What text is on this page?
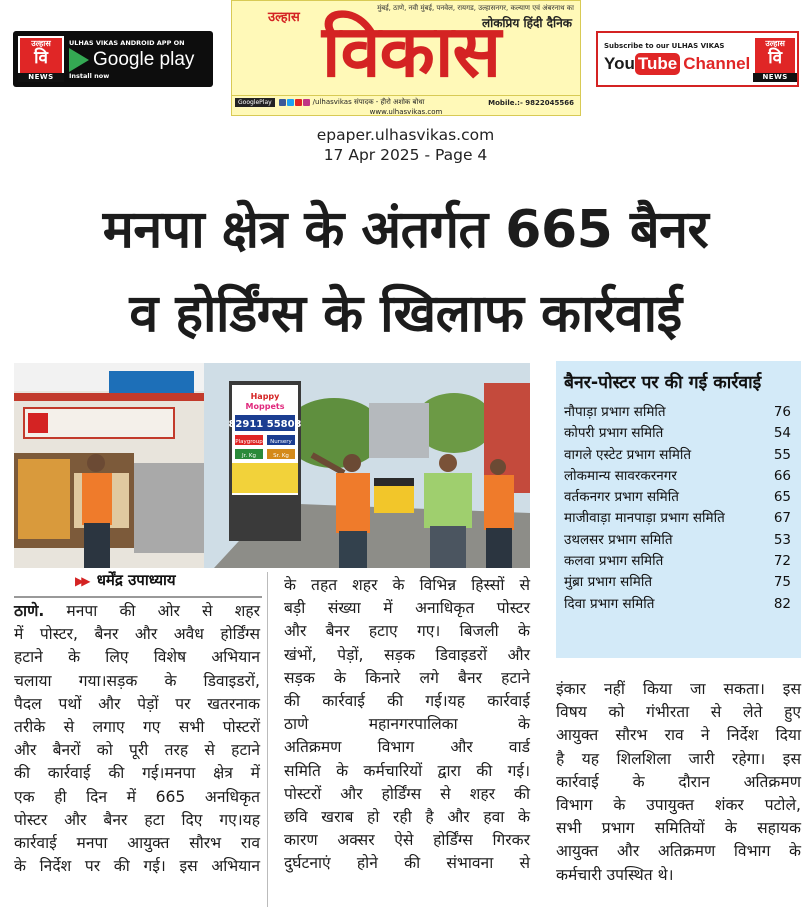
उल्हास
वि
NEWS
ULHAS VIKAS ANDROID APP ON
Google play
Install now
मुंबई, ठाणे, नवी मुंबई, पनवेल, रायगड, उल्हासनगर, कल्याण एवं अंबरनाथ का
लोकप्रिय हिंदी दैनिक
विकास
उल्हास
GooglePlay	/ulhasvikas संपादक - हीरो अशोक बोधा	Mobile.:- 9822045566
www.ulhasvikas.com
Subscribe to our ULHAS VIKAS
You Tube Channel
उल्हास
वि
NEWS
epaper.ulhasvikas.com
17 Apr 2025 - Page 4
मनपा क्षेत्र के अंतर्गत 665 बैनर
व होर्डिंग्स के खिलाफ कार्रवाई
Happy
Moppets
82911 55803
Playgroup Nursery
Jr. Kg	Sr. Kg
बैनर-पोस्टर पर की गई कार्रवाई
नौपाड़ा प्रभाग समिति	76
कोपरी प्रभाग समिति	54
वागले एस्टेट प्रभाग समिति	55
लोकमान्य सावरकरनगर	66
वर्तकनगर प्रभाग समिति	65
माजीवाड़ा मानपाड़ा प्रभाग समिति	67
उथलसर प्रभाग समिति	53
कलवा प्रभाग समिति	72
मुंब्रा प्रभाग समिति	75
दिवा प्रभाग समिति	82
▶▶ धर्मेंद्र उपाध्याय
ठाणे. मनपा की ओर से शहर
में पोस्टर, बैनर और अवैध होर्डिंग्स
हटाने के लिए विशेष अभियान
चलाया गया।सड़क के डिवाइडरों,
पैदल पथों और पेड़ों पर खतरनाक
तरीके से लगाए गए सभी पोस्टरों
और बैनरों को पूरी तरह से हटाने
की कार्रवाई की गई।मनपा क्षेत्र में
एक ही दिन में 665 अनधिकृत
पोस्टर और बैनर हटा दिए गए।यह
कार्रवाई मनपा आयुक्त सौरभ राव
के निर्देश पर की गई। इस अभियान
के तहत शहर के विभिन्न हिस्सों से
बड़ी संख्या में अनाधिकृत पोस्टर
और बैनर हटाए गए। बिजली के
खंभों, पेड़ों, सड़क डिवाइडरों और
सड़क के किनारे लगे बैनर हटाने
की कार्रवाई की गई।यह कार्रवाई
ठाणे महानगरपालिका के
अतिक्रमण विभाग और वार्ड
समिति के कर्मचारियों द्वारा की गई।
पोस्टरों और होर्डिंग्स से शहर की
छवि खराब हो रही है और हवा के
कारण अक्सर ऐसे होर्डिंग्स गिरकर
दुर्घटनाएं होने की संभावना से
इंकार नहीं किया जा सकता। इस
विषय को गंभीरता से लेते हुए
आयुक्त सौरभ राव ने निर्देश दिया
है यह शिलशिला जारी रहेगा। इस
कार्रवाई के दौरान अतिक्रमण
विभाग के उपायुक्त शंकर पटोले,
सभी प्रभाग समितियों के सहायक
आयुक्त और अतिक्रमण विभाग के
कर्मचारी उपस्थित थे।
